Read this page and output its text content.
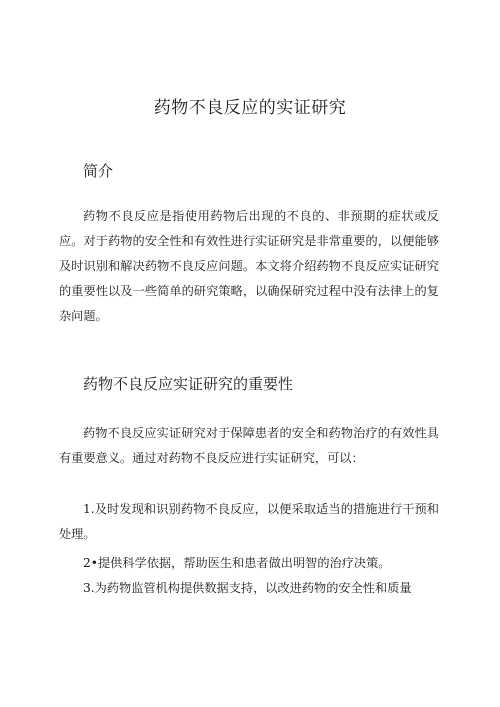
药物不良反应的实证研究
简介

药物不良反应是指使用药物后出现的不良的、非预期的症状或反应。对于药物的安全性和有效性进行实证研究是非常重要的，以便能够及时识别和解决药物不良反应问题。本文将介绍药物不良反应实证研究的重要性以及一些简单的研究策略，以确保研究过程中没有法律上的复杂问题。

药物不良反应实证研究的重要性

药物不良反应实证研究对于保障患者的安全和药物治疗的有效性具有重要意义。通过对药物不良反应进行实证研究，可以：

1.及时发现和识别药物不良反应，以便采取适当的措施进行干预和处理。

2•提供科学依据，帮助医生和患者做出明智的治疗决策。

3.为药物监管机构提供数据支持，以改进药物的安全性和质量
